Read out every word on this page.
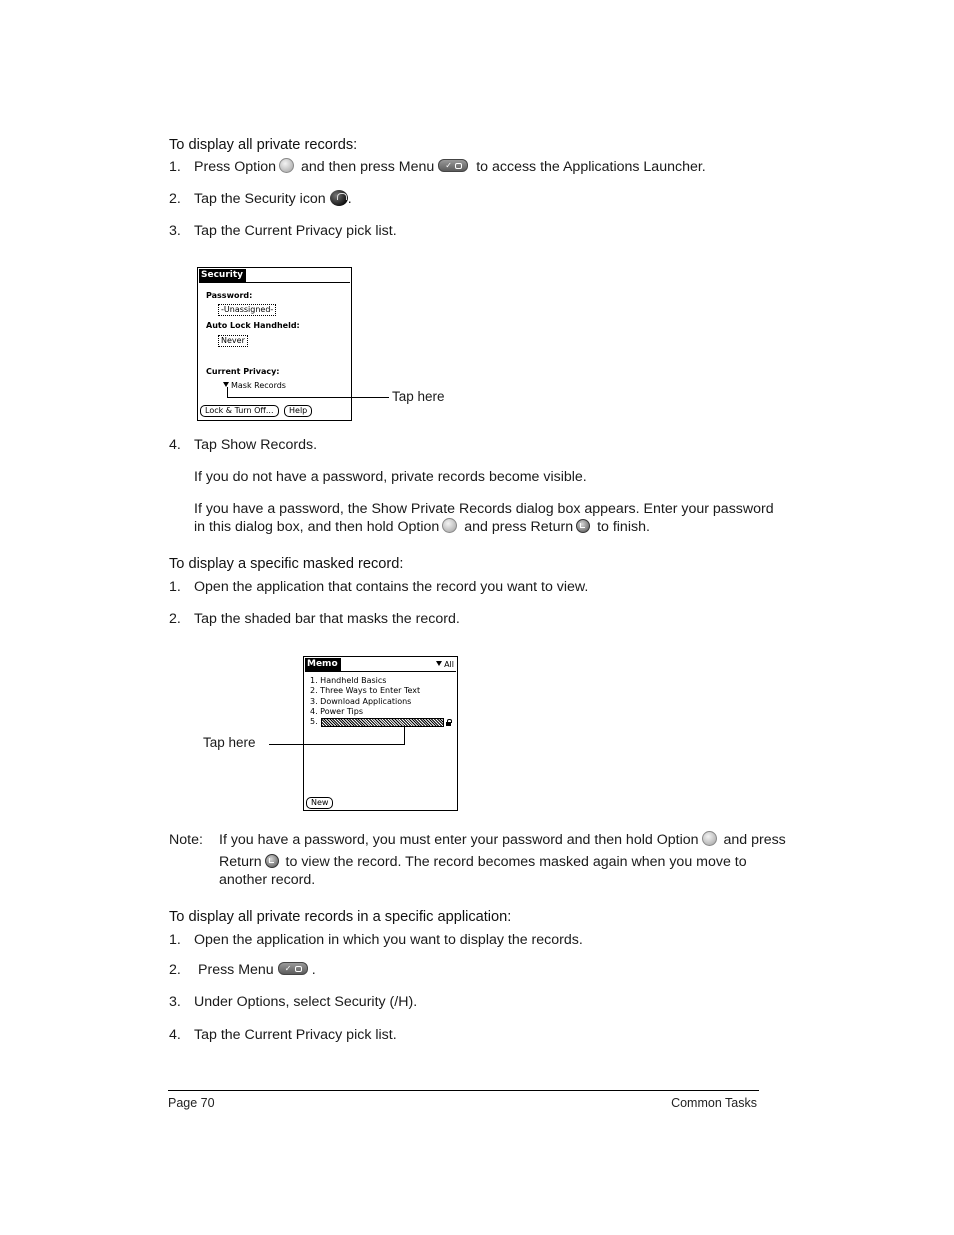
To display all private records:
1. Press Option and then press Menu ✓	to access the Applications Launcher.
2. Tap the Security icon .
3. Tap the Current Privacy pick list.
Security
Password:
-Unassigned-
Auto Lock Handheld:
Never
Current Privacy:
Mask Records
Lock & Turn Off...	Help
Tap here
4. Tap Show Records.
If you do not have a password, private records become visible.
If you have a password, the Show Private Records dialog box appears. Enter your password
in this dialog box, and then hold Option and press Return to finish.
To display a specific masked record:
1. Open the application that contains the record you want to view.
2. Tap the shaded bar that masks the record.
Memo	All
1. Handheld Basics
2. Three Ways to Enter Text
3. Download Applications
4. Power Tips
5.
New
Tap here
Note: If you have a password, you must enter your password and then hold Option and press
Return to view the record. The record becomes masked again when you move to
another record.
To display all private records in a specific application:
1. Open the application in which you want to display the records.
2.	Press Menu ✓	.
3. Under Options, select Security (/H).
4. Tap the Current Privacy pick list.
Page 70	Common Tasks
